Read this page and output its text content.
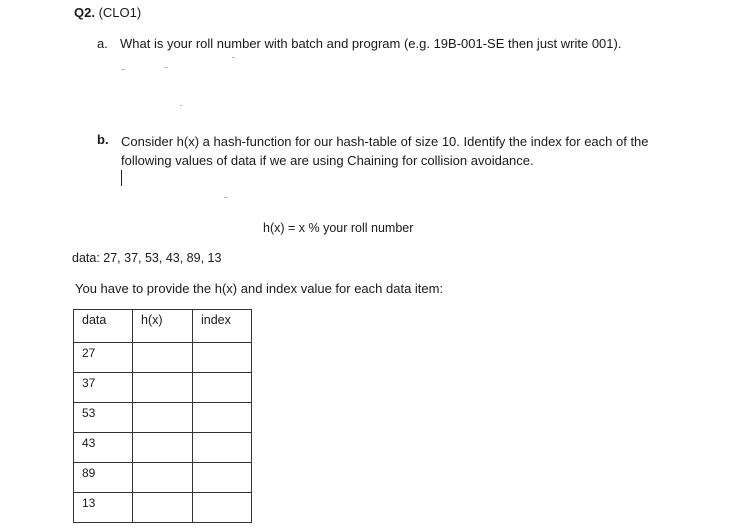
Q2. (CLO1)
a. What is your roll number with batch and program (e.g. 19B-001-SE then just write 001).
b. Consider h(x) a hash-function for our hash-table of size 10. Identify the index for each of the
following values of data if we are using Chaining for collision avoidance.
h(x) = x % your roll number
data: 27, 37, 53, 43, 89, 13
You have to provide the h(x) and index value for each data item:
data	h(x)	index
27		
37		
53		
43		
89		
13		
